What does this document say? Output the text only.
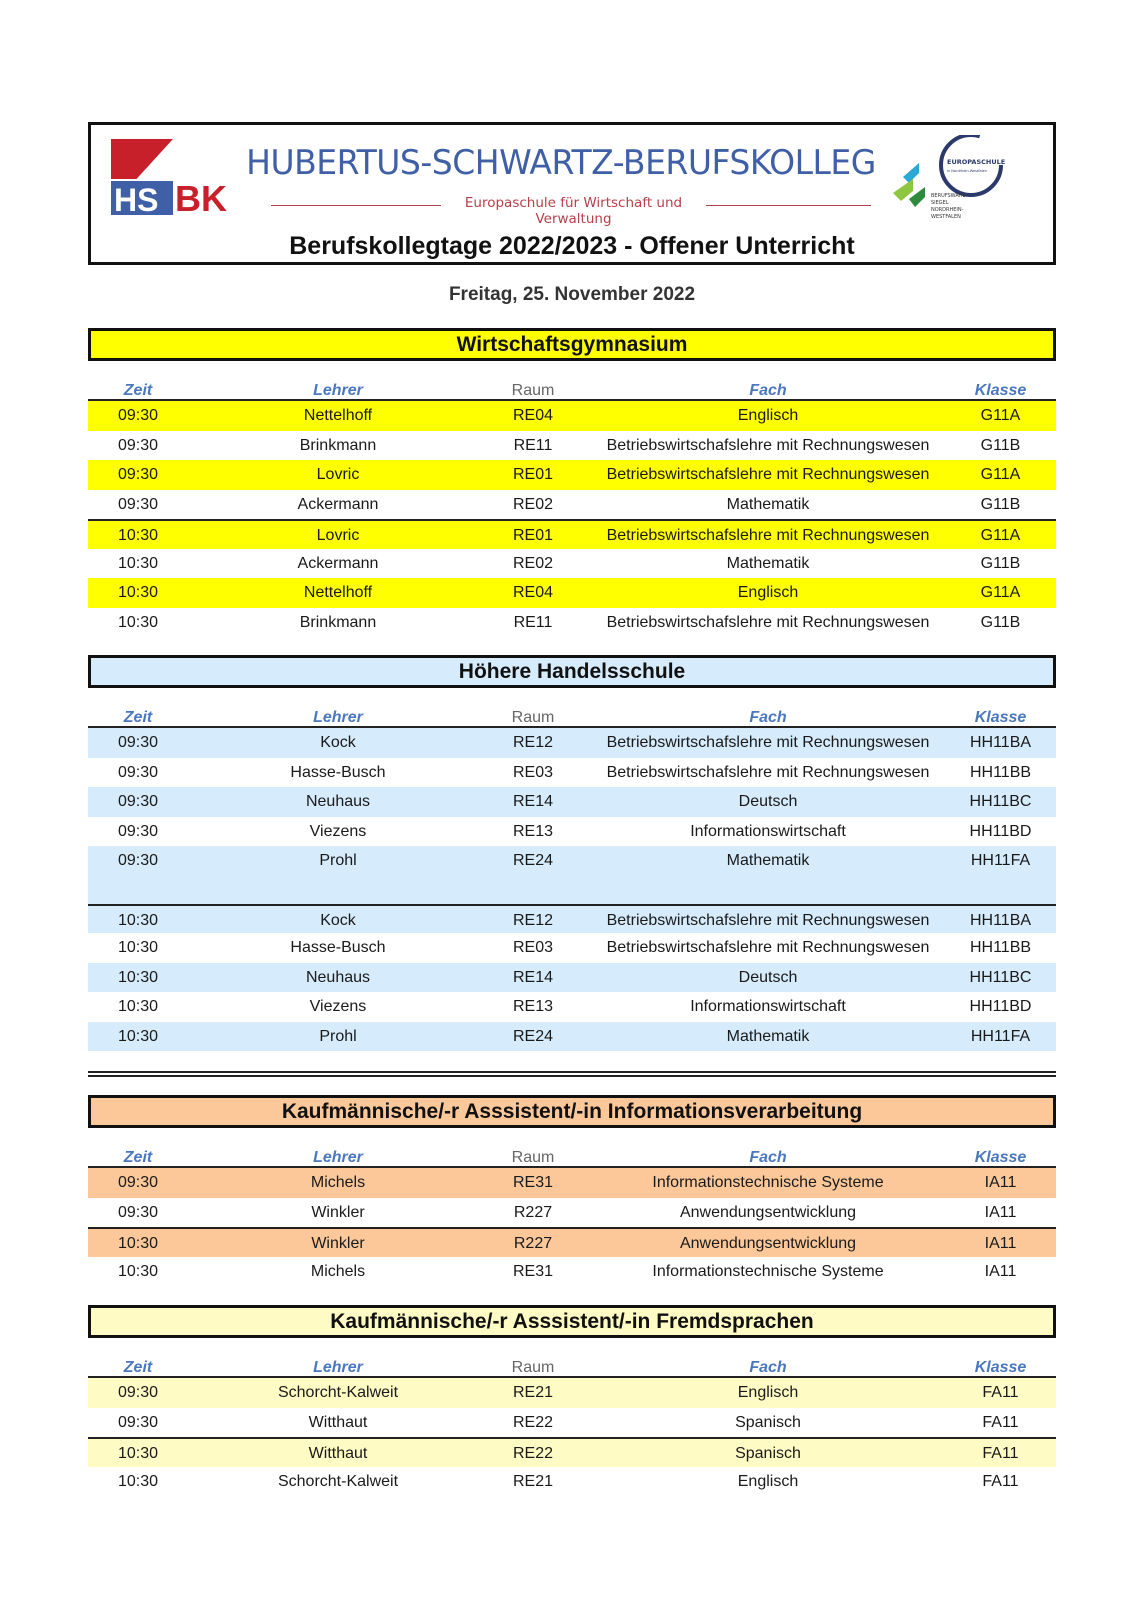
HS BK
HUBERTUS-SCHWARTZ-BERUFSKOLLEG
Europaschule für Wirtschaft und Verwaltung
EUROPASCHULE
in Nordrhein-Westfalen
BERUFSWAHL
SIEGEL
NORDRHEIN-
WESTFALEN
Berufskollegtage 2022/2023 - Offener Unterricht
Freitag, 25. November 2022
Wirtschaftsgymnasium
Zeit	Lehrer	Raum	Fach	Klasse
09:30	Nettelhoff	RE04	Englisch	G11A
09:30	Brinkmann	RE11	Betriebswirtschafslehre mit Rechnungswesen	G11B
09:30	Lovric	RE01	Betriebswirtschafslehre mit Rechnungswesen	G11A
09:30	Ackermann	RE02	Mathematik	G11B
10:30	Lovric	RE01	Betriebswirtschafslehre mit Rechnungswesen	G11A
10:30	Ackermann	RE02	Mathematik	G11B
10:30	Nettelhoff	RE04	Englisch	G11A
10:30	Brinkmann	RE11	Betriebswirtschafslehre mit Rechnungswesen	G11B
Höhere Handelsschule
Zeit	Lehrer	Raum	Fach	Klasse
09:30	Kock	RE12	Betriebswirtschafslehre mit Rechnungswesen	HH11BA
09:30	Hasse-Busch	RE03	Betriebswirtschafslehre mit Rechnungswesen	HH11BB
09:30	Neuhaus	RE14	Deutsch	HH11BC
09:30	Viezens	RE13	Informationswirtschaft	HH11BD
09:30	Prohl	RE24	Mathematik	HH11FA
10:30	Kock	RE12	Betriebswirtschafslehre mit Rechnungswesen	HH11BA
10:30	Hasse-Busch	RE03	Betriebswirtschafslehre mit Rechnungswesen	HH11BB
10:30	Neuhaus	RE14	Deutsch	HH11BC
10:30	Viezens	RE13	Informationswirtschaft	HH11BD
10:30	Prohl	RE24	Mathematik	HH11FA
Kaufmännische/-r Asssistent/-in Informationsverarbeitung
Zeit	Lehrer	Raum	Fach	Klasse
09:30	Michels	RE31	Informationstechnische Systeme	IA11
09:30	Winkler	R227	Anwendungsentwicklung	IA11
10:30	Winkler	R227	Anwendungsentwicklung	IA11
10:30	Michels	RE31	Informationstechnische Systeme	IA11
Kaufmännische/-r Asssistent/-in Fremdsprachen
Zeit	Lehrer	Raum	Fach	Klasse
09:30	Schorcht-Kalweit	RE21	Englisch	FA11
09:30	Witthaut	RE22	Spanisch	FA11
10:30	Witthaut	RE22	Spanisch	FA11
10:30	Schorcht-Kalweit	RE21	Englisch	FA11
